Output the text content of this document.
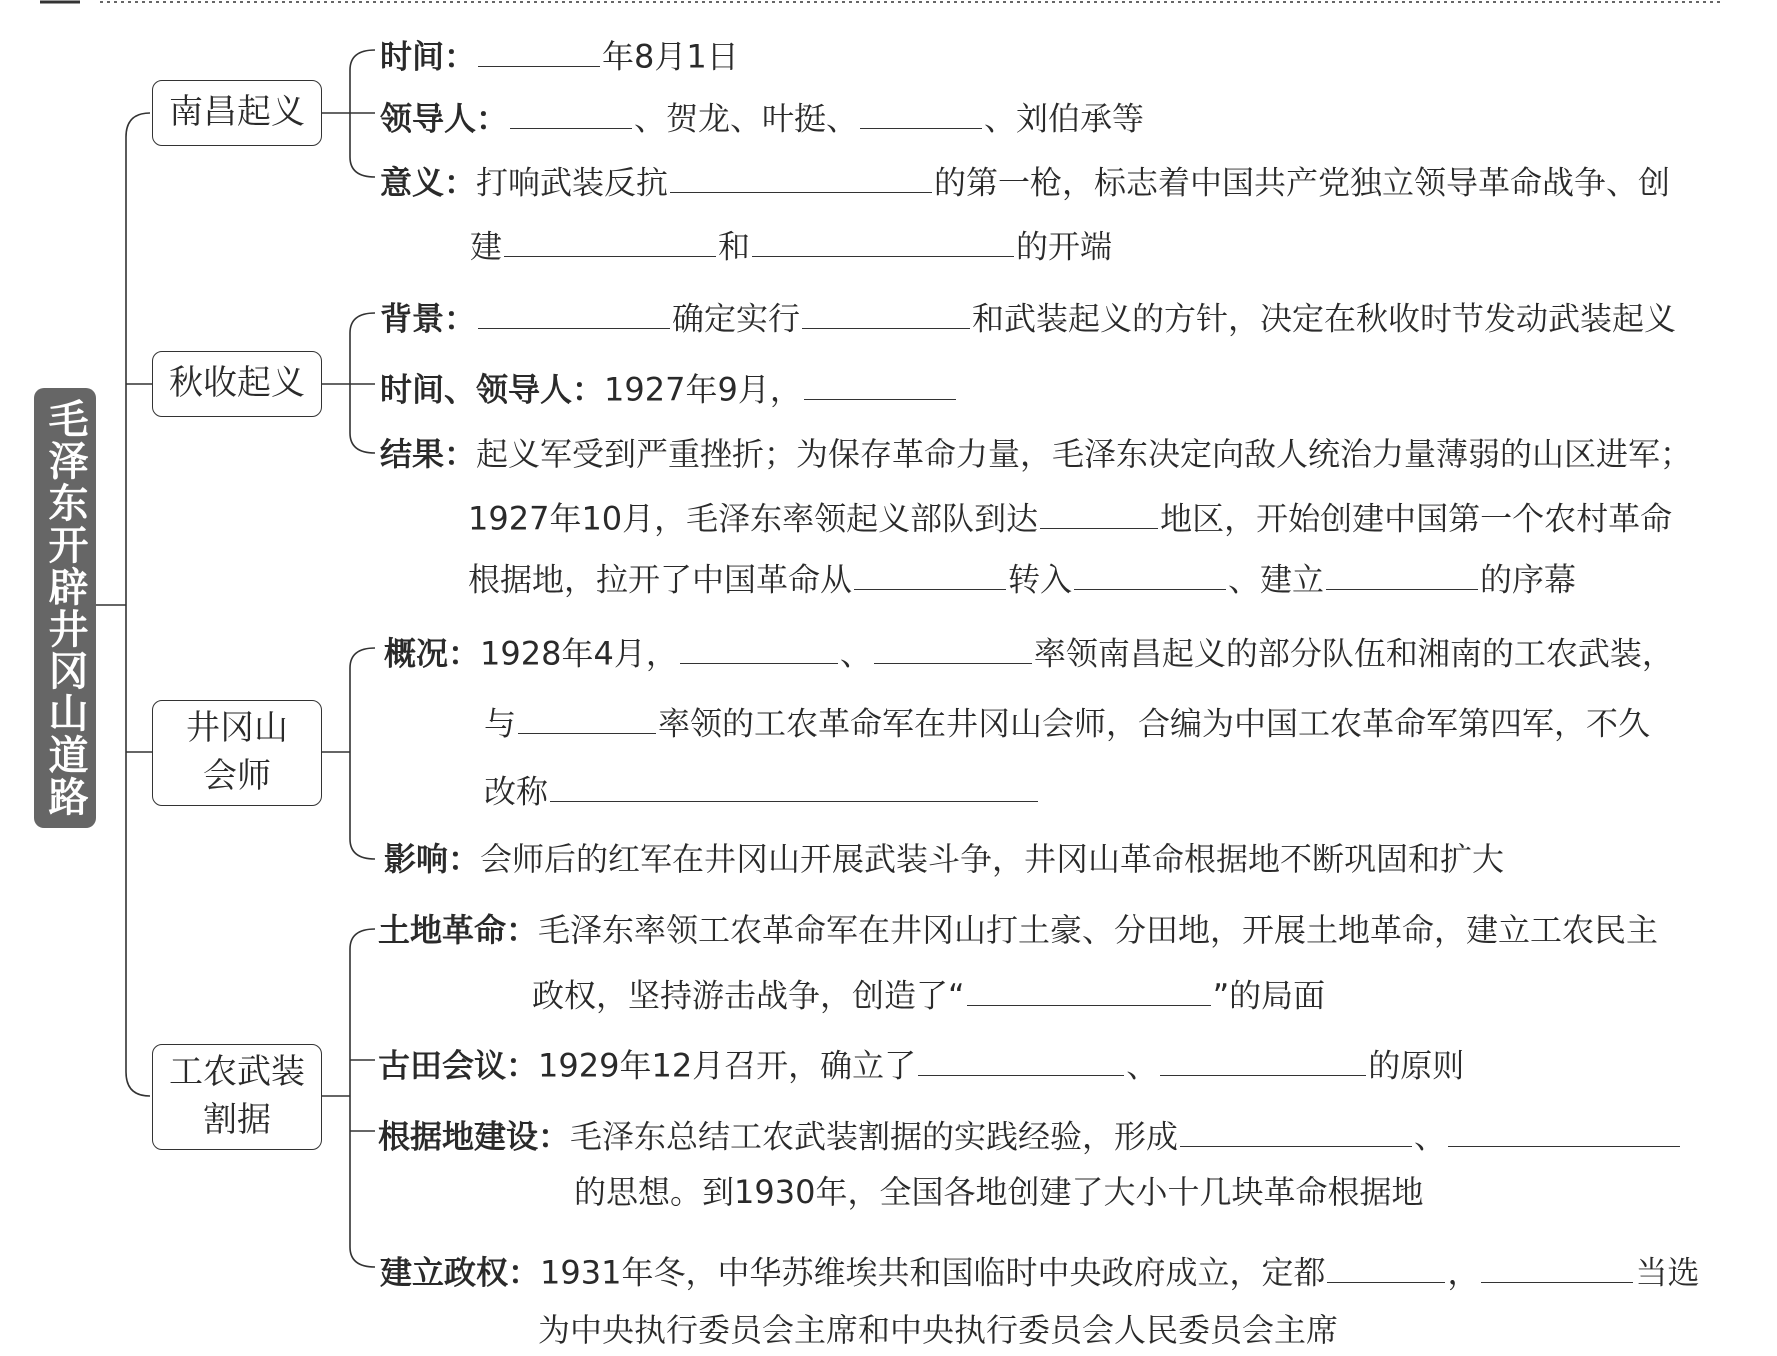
毛泽东开辟井冈山道路
南昌起义
时间：	年8月1日
领导人：	、贺龙、叶挺、	、刘伯承等
意义：打响武装反抗	的第一枪，标志着中国共产党独立领导革命战争、创
建	和	的开端
秋收起义
背景：	确定实行	和武装起义的方针，决定在秋收时节发动武装起义
时间、领导人：1927年9月，
结果：起义军受到严重挫折；为保存革命力量，毛泽东决定向敌人统治力量薄弱的山区进军；
1927年10月，毛泽东率领起义部队到达	地区，开始创建中国第一个农村革命
根据地，拉开了中国革命从	转入	、建立	的序幕
井冈山
会师
概况：1928年4月，	、	率领南昌起义的部分队伍和湘南的工农武装，
与	率领的工农革命军在井冈山会师，合编为中国工农革命军第四军，不久
改称
影响：会师后的红军在井冈山开展武装斗争，井冈山革命根据地不断巩固和扩大
工农武装
割据
土地革命：毛泽东率领工农革命军在井冈山打土豪、分田地，开展土地革命，建立工农民主
政权，坚持游击战争，创造了“	”的局面
古田会议：1929年12月召开，确立了	、	的原则
根据地建设：毛泽东总结工农武装割据的实践经验，形成	、
的思想。到1930年，全国各地创建了大小十几块革命根据地
建立政权：1931年冬，中华苏维埃共和国临时中央政府成立，定都	，	当选
为中央执行委员会主席和中央执行委员会人民委员会主席
